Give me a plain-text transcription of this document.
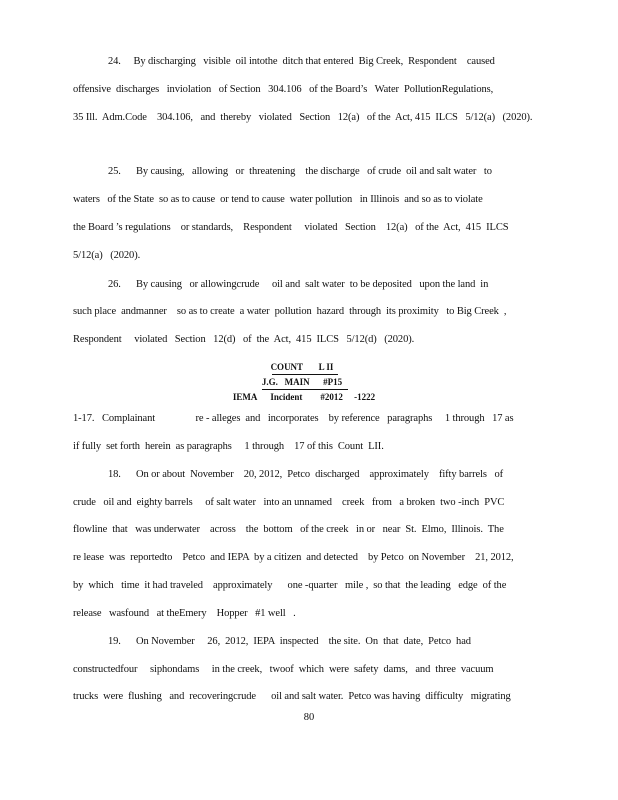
24.     By discharging   visible  oil intothe  ditch that entered  Big Creek,  Respondent    caused
offensive  discharges   inviolation   of Section   304.106   of the Board’s   Water  PollutionRegulations,
35 Ill.  Adm.Code    304.106,   and  thereby   violated   Section   12(a)   of the  Act, 415  ILCS   5/12(a)   (2020).
25.      By causing,   allowing   or  threatening    the discharge   of crude  oil and salt water   to
waters   of the State  so as to cause  or tend to cause  water pollution   in Illinois  and so as to violate
the Board ’s regulations    or standards,    Respondent     violated   Section    12(a)   of the  Act,  415  ILCS
5/12(a)   (2020).
26.      By causing   or allowingcrude     oil and  salt water  to be deposited   upon the land  in
such place  andmanner    so as to create  a water  pollution  hazard  through  its proximity   to Big Creek  ,
Respondent     violated   Section   12(d)   of  the  Act,  415  ILCS   5/12(d)   (2020).
COUNT       L II
J.G.   MAIN      #P15
IEMA      Incident        #2012     -1222
1-17.   Complainant                re - alleges  and   incorporates    by reference   paragraphs     1 through   17 as
if fully  set forth  herein  as paragraphs     1 through    17 of this  Count  LII.
18.      On or about  November    20, 2012,  Petco  discharged    approximately    fifty barrels   of
crude   oil and  eighty barrels     of salt water   into an unnamed    creek   from   a broken  two -inch  PVC
flowline  that   was underwater    across    the  bottom   of the creek   in or   near  St.  Elmo,  Illinois.  The
re lease  was  reportedto    Petco  and IEPA  by a citizen  and detected    by Petco  on November    21, 2012,
by  which   time  it had traveled    approximately      one -quarter   mile ,  so that  the leading   edge  of the
release   wasfound   at theEmery    Hopper   #1 well   .
19.      On November     26,  2012,  IEPA  inspected    the site.  On  that  date,  Petco  had
constructedfour     siphondams     in the creek,   twoof  which  were  safety  dams,   and  three  vacuum
trucks  were  flushing   and  recoveringcrude      oil and salt water.  Petco was having  difficulty   migrating
80
